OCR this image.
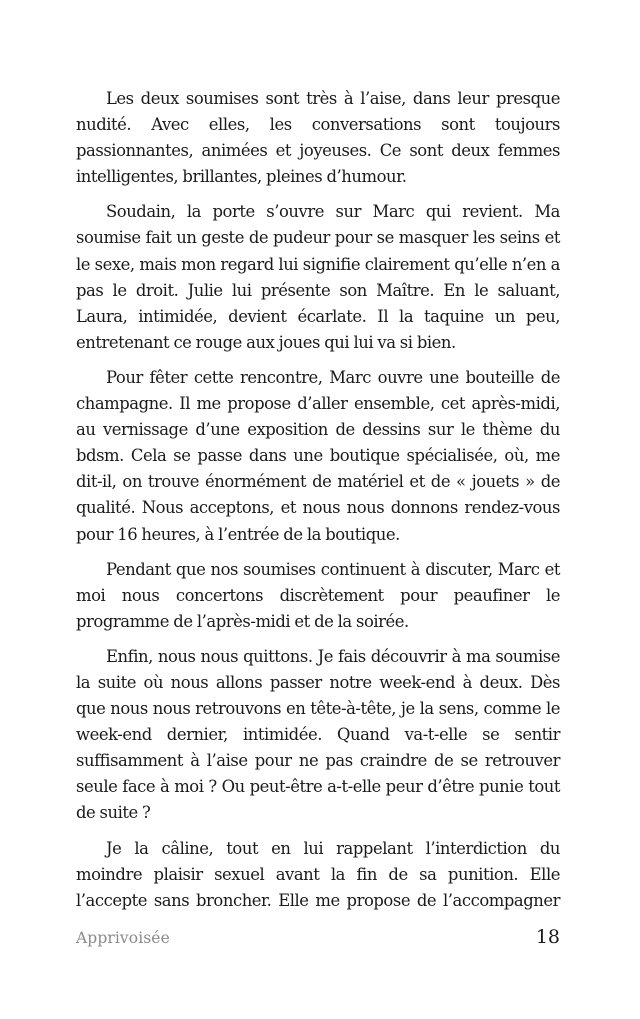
Les deux soumises sont très à l’aise, dans leur presque nudité. Avec elles, les conversations sont toujours passionnantes, animées et joyeuses. Ce sont deux femmes intelligentes, brillantes, pleines d’humour.

Soudain, la porte s’ouvre sur Marc qui revient. Ma soumise fait un geste de pudeur pour se masquer les seins et le sexe, mais mon regard lui signifie clairement qu’elle n’en a pas le droit. Julie lui présente son Maître. En le saluant, Laura, intimidée, devient écarlate. Il la taquine un peu, entretenant ce rouge aux joues qui lui va si bien.

Pour fêter cette rencontre, Marc ouvre une bouteille de champagne. Il me propose d’aller ensemble, cet après-midi, au vernissage d’une exposition de dessins sur le thème du bdsm. Cela se passe dans une boutique spécialisée, où, me dit-il, on trouve énormément de matériel et de « jouets » de qualité. Nous acceptons, et nous nous donnons rendez-vous pour 16 heures, à l’entrée de la boutique.

Pendant que nos soumises continuent à discuter, Marc et moi nous concertons discrètement pour peaufiner le programme de l’après-midi et de la soirée.

Enfin, nous nous quittons. Je fais découvrir à ma soumise la suite où nous allons passer notre week-end à deux. Dès que nous nous retrouvons en tête-à-tête, je la sens, comme le week-end dernier, intimidée. Quand va-t-elle se sentir suffisamment à l’aise pour ne pas craindre de se retrouver seule face à moi ? Ou peut-être a-t-elle peur d’être punie tout de suite ?

Je la câline, tout en lui rappelant l’interdiction du moindre plaisir sexuel avant la fin de sa punition. Elle l’accepte sans broncher. Elle me propose de l’accompagner

Apprivoisée	18
